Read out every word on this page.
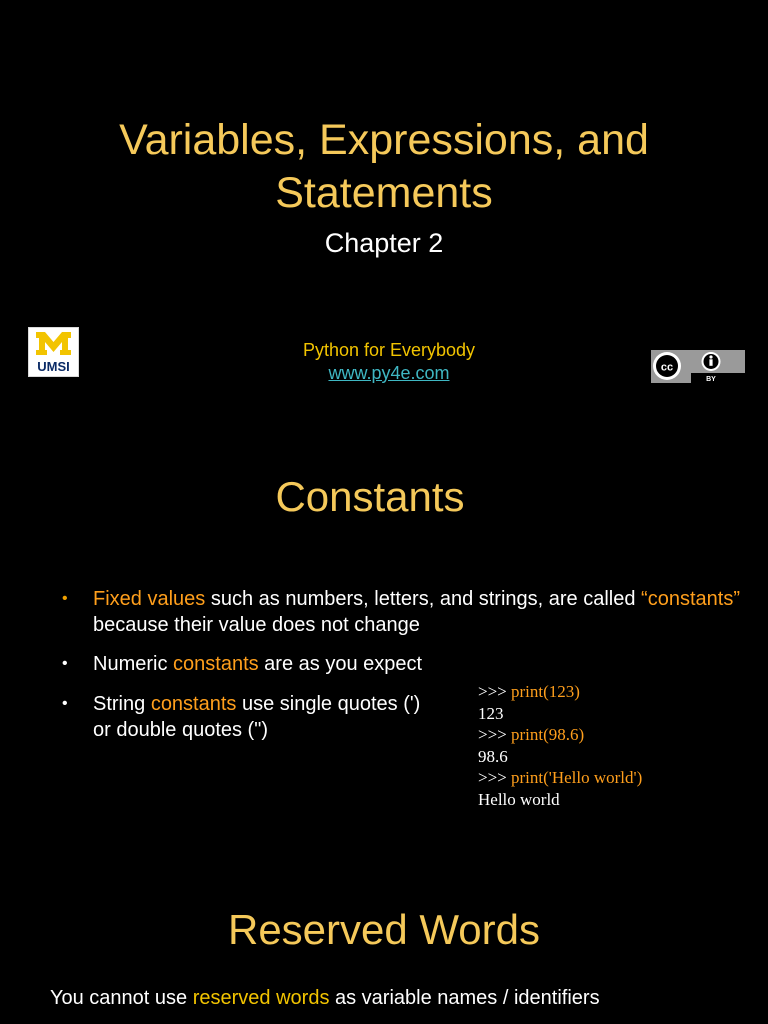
Variables, Expressions, and
Statements
Chapter 2
UMSI
Python for Everybody
www.py4e.com	cc
BY
Constants
• Fixed values such as numbers, letters, and strings, are called “constants” because their value does not change
• Numeric constants are as you expect
• String constants use single quotes (')
or double quotes (")
>>> print(123)
123
>>> print(98.6)
98.6
>>> print('Hello world')
Hello world
Reserved Words
You cannot use reserved words as variable names / identifiers
